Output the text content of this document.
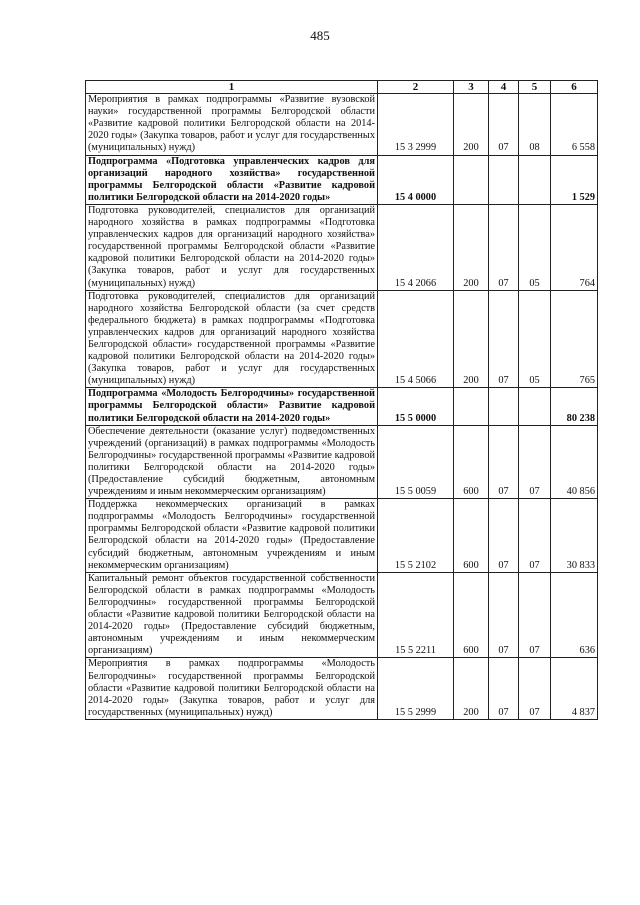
485
1	2	3	4	5	6
Мероприятия в рамках подпрограммы «Развитие вузовской науки» государственной программы Белгородской области «Развитие кадровой политики Белгородской области на 2014-2020 годы» (Закупка товаров, работ и услуг для государственных (муниципальных) нужд)	15 3 2999	200	07	08	6 558
Подпрограмма «Подготовка управленческих кадров для организаций народного хозяйства» государственной программы Белгородской области «Развитие кадровой политики Белгородской области на 2014-2020 годы»	15 4 0000				1 529
Подготовка руководителей, специалистов для организаций народного хозяйства в рамках подпрограммы «Подготовка управленческих кадров для организаций народного хозяйства» государственной программы Белгородской области «Развитие кадровой политики Белгородской области на 2014-2020 годы» (Закупка товаров, работ и услуг для государственных (муниципальных) нужд)	15 4 2066	200	07	05	764
Подготовка руководителей, специалистов для организаций народного хозяйства Белгородской области (за счет средств федерального бюджета) в рамках подпрограммы «Подготовка управленческих кадров для организаций народного хозяйства Белгородской области» государственной программы «Развитие кадровой политики Белгородской области на 2014-2020 годы» (Закупка товаров, работ и услуг для государственных (муниципальных) нужд)	15 4 5066	200	07	05	765
Подпрограмма «Молодость Белгородчины» государственной программы Белгородской области» Развитие кадровой политики Белгородской области на 2014-2020 годы»	15 5 0000				80 238
Обеспечение деятельности (оказание услуг) подведомственных учреждений (организаций) в рамках подпрограммы «Молодость Белгородчины» государственной программы «Развитие кадровой политики Белгородской области на 2014-2020 годы» (Предоставление субсидий бюджетным, автономным учреждениям и иным некоммерческим организациям)	15 5 0059	600	07	07	40 856
Поддержка некоммерческих организаций в рамках подпрограммы «Молодость Белгородчины» государственной программы Белгородской области «Развитие кадровой политики Белгородской области на 2014-2020 годы» (Предоставление субсидий бюджетным, автономным учреждениям и иным некоммерческим организациям)	15 5 2102	600	07	07	30 833
Капитальный ремонт объектов государственной собственности Белгородской области в рамках подпрограммы «Молодость Белгородчины» государственной программы Белгородской области «Развитие кадровой политики Белгородской области на 2014-2020 годы» (Предоставление субсидий бюджетным, автономным учреждениям и иным некоммерческим организациям)	15 5 2211	600	07	07	636
Мероприятия в рамках подпрограммы «Молодость Белгородчины» государственной программы Белгородской области «Развитие кадровой политики Белгородской области на 2014-2020 годы» (Закупка товаров, работ и услуг для государственных (муниципальных) нужд)	15 5 2999	200	07	07	4 837
